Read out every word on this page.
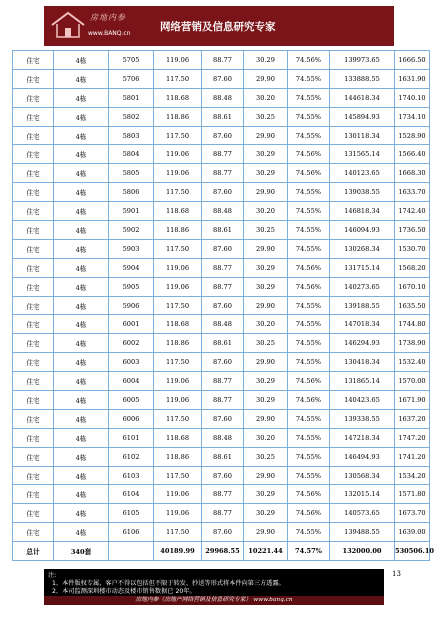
房地内参
www.BANQ.cn
网络营销及信息研究专家
住宅	4栋	5705	119.06	88.77	30.29	74.56%	139973.65	1666.50
住宅	4栋	5706	117.50	87.60	29.90	74.55%	133888.55	1631.90
住宅	4栋	5801	118.68	88.48	30.20	74.55%	144618.34	1740.10
住宅	4栋	5802	118.86	88.61	30.25	74.55%	145894.93	1734.10
住宅	4栋	5803	117.50	87.60	29.90	74.55%	130118.34	1528.90
住宅	4栋	5804	119.06	88.77	30.29	74.56%	131565.14	1566.40
住宅	4栋	5805	119.06	88.77	30.29	74.56%	140123.65	1668.30
住宅	4栋	5806	117.50	87.60	29.90	74.55%	139038.55	1633.70
住宅	4栋	5901	118.68	88.48	30.20	74.55%	146818.34	1742.40
住宅	4栋	5902	118.86	88.61	30.25	74.55%	146094.93	1736.50
住宅	4栋	5903	117.50	87.60	29.90	74.55%	130268.34	1530.70
住宅	4栋	5904	119.06	88.77	30.29	74.56%	131715.14	1568.20
住宅	4栋	5905	119.06	88.77	30.29	74.56%	140273.65	1670.10
住宅	4栋	5906	117.50	87.60	29.90	74.55%	139188.55	1635.50
住宅	4栋	6001	118.68	88.48	30.20	74.55%	147018.34	1744.80
住宅	4栋	6002	118.86	88.61	30.25	74.55%	146294.93	1738.90
住宅	4栋	6003	117.50	87.60	29.90	74.55%	130418.34	1532.40
住宅	4栋	6004	119.06	88.77	30.29	74.56%	131865.14	1570.00
住宅	4栋	6005	119.06	88.77	30.29	74.56%	140423.65	1671.90
住宅	4栋	6006	117.50	87.60	29.90	74.55%	139338.55	1637.20
住宅	4栋	6101	118.68	88.48	30.20	74.55%	147218.34	1747.20
住宅	4栋	6102	118.86	88.61	30.25	74.55%	146494.93	1741.20
住宅	4栋	6103	117.50	87.60	29.90	74.55%	130568.34	1534.20
住宅	4栋	6104	119.06	88.77	30.29	74.56%	132015.14	1571.80
住宅	4栋	6105	119.06	88.77	30.29	74.56%	140573.65	1673.70
住宅	4栋	6106	117.50	87.60	29.90	74.55%	139488.55	1639.00
总计	340套		40189.99	29968.55	10221.44	74.57%	132000.00	530506.10
13
注:
1、本件版权专属，客户不得以包括但不限于转发、抄送等形式将本件向第三方透露。
2、本司监测深圳楼市动态及楼市销售数据已 20年。
房地内参（房地产网络营销及信息研究专家） www.banq.cn
